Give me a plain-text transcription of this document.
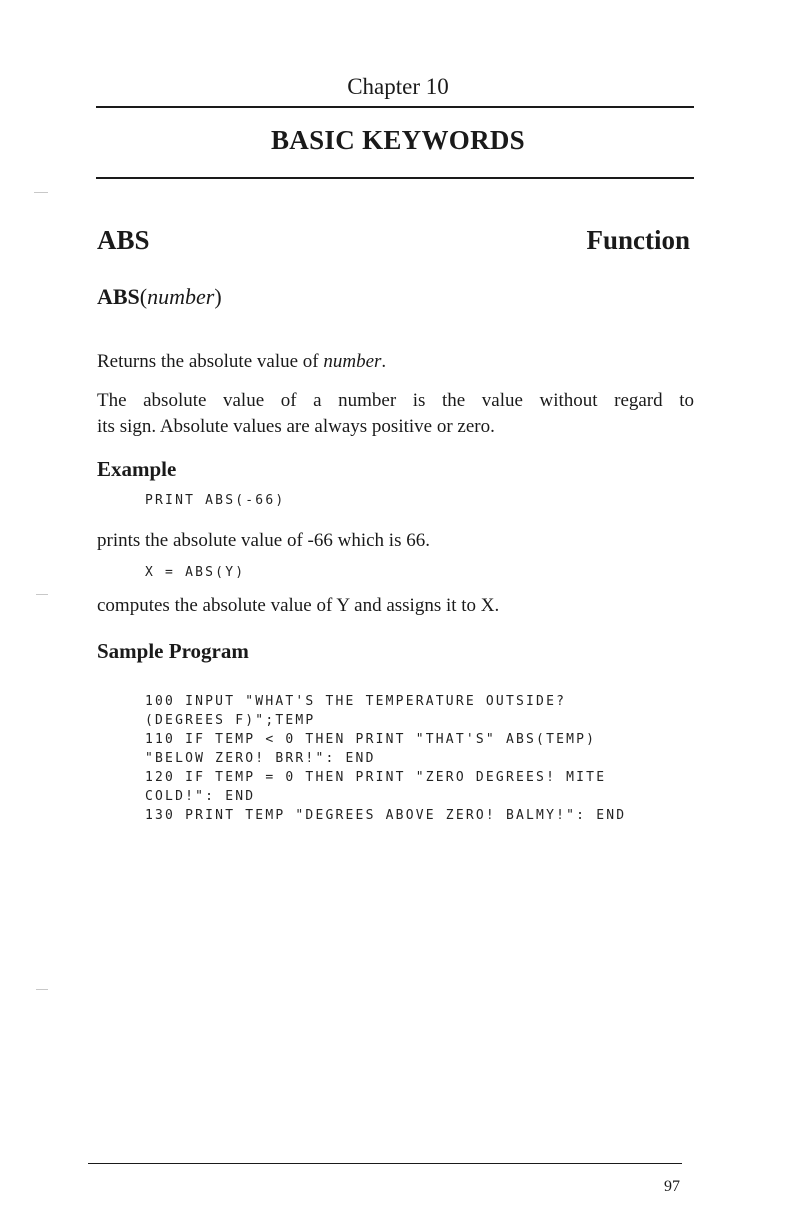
Chapter 10
BASIC KEYWORDS
ABS	Function
ABS(number)
Returns the absolute value of number.
The absolute value of a number is the value without regard to
its sign. Absolute values are always positive or zero.
Example
PRINT ABS(-66)
prints the absolute value of -66 which is 66.
X = ABS(Y)
computes the absolute value of Y and assigns it to X.
Sample Program
100 INPUT "WHAT'S THE TEMPERATURE OUTSIDE?
(DEGREES F)";TEMP
110 IF TEMP < 0 THEN PRINT "THAT'S" ABS(TEMP)
"BELOW ZERO! BRR!": END
120 IF TEMP = 0 THEN PRINT "ZERO DEGREES! MITE
COLD!": END
130 PRINT TEMP "DEGREES ABOVE ZERO! BALMY!": END
97
